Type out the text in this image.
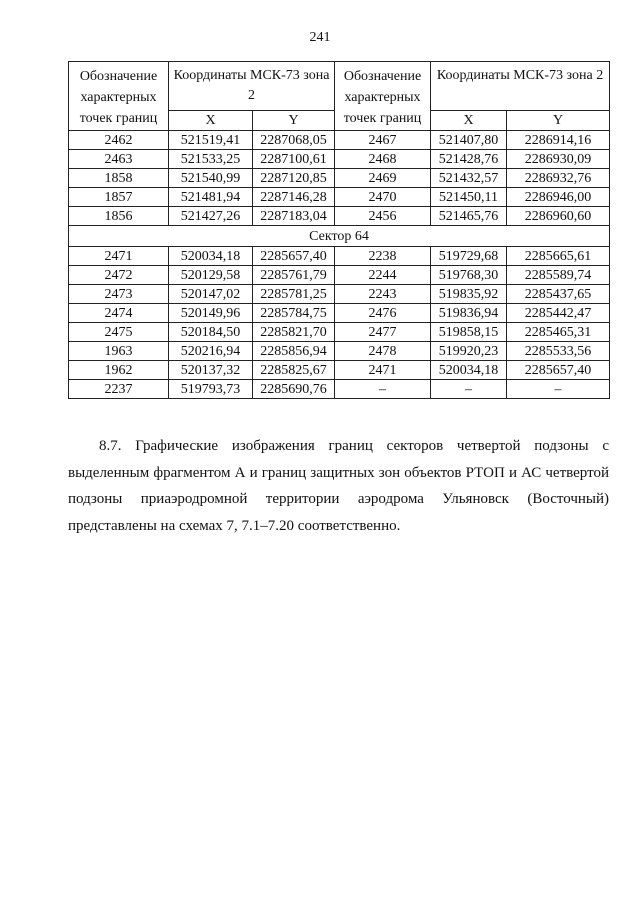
241
Обозначение характерных точек границ	Координаты МСК-73 зона 2		Обозначение характерных точек границ	Координаты МСК-73 зона 2	
	X	Y		X	Y
2462	521519,41	2287068,05	2467	521407,80	2286914,16
2463	521533,25	2287100,61	2468	521428,76	2286930,09
1858	521540,99	2287120,85	2469	521432,57	2286932,76
1857	521481,94	2287146,28	2470	521450,11	2286946,00
1856	521427,26	2287183,04	2456	521465,76	2286960,60
Сектор 64					
2471	520034,18	2285657,40	2238	519729,68	2285665,61
2472	520129,58	2285761,79	2244	519768,30	2285589,74
2473	520147,02	2285781,25	2243	519835,92	2285437,65
2474	520149,96	2285784,75	2476	519836,94	2285442,47
2475	520184,50	2285821,70	2477	519858,15	2285465,31
1963	520216,94	2285856,94	2478	519920,23	2285533,56
1962	520137,32	2285825,67	2471	520034,18	2285657,40
2237	519793,73	2285690,76	–	–	–

8.7. Графические изображения границ секторов четвертой подзоны с выделенным фрагментом А и границ защитных зон объектов РТОП и АС четвертой подзоны приаэродромной территории аэродрома Ульяновск (Восточный) представлены на схемах 7, 7.1–7.20 соответственно.
